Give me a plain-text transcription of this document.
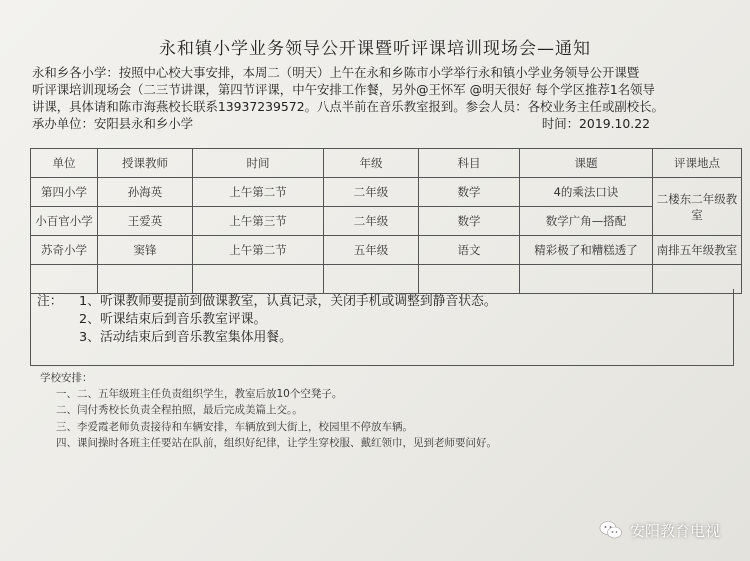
永和镇小学业务领导公开课暨听评课培训现场会—通知

永和乡各小学：按照中心校大事安排，本周二（明天）上午在永和乡陈市小学举行永和镇小学业务领导公开课暨

听评课培训现场会（二三节讲课，第四节评课，中午安排工作餐，另外@王怀军 @明天很好 每个学区推荐1名领导

讲课，具体请和陈市海燕校长联系13937239572。八点半前在音乐教室报到。参会人员：各校业务主任或副校长。

承办单位：安阳县永和乡小学	时间：2019.10.22
单位	授课教师	时间	年级	科目	课题	评课地点
第四小学	孙海英	上午第二节	二年级	数学	4的乘法口诀	二楼东二年级教室
小百官小学	王爱英	上午第三节	二年级	数学	数学广角—搭配	
苏奇小学	窦锋	上午第二节	五年级	语文	精彩极了和糟糕透了	南排五年级教室

注： 1、听课教师要提前到做课教室，认真记录，关闭手机或调整到静音状态。
2、听课结束后到音乐教室评课。
3、活动结束后到音乐教室集体用餐。
学校安排：
一、二、五年级班主任负责组织学生，教室后放10个空凳子。
二、闫付秀校长负责全程拍照，最后完成美篇上交。。
三、李爱霞老师负责接待和车辆安排，车辆放到大街上，校园里不停放车辆。
四、课间操时各班主任要站在队前，组织好纪律，让学生穿校服、戴红领巾，见到老师要问好。
安阳教育电视
